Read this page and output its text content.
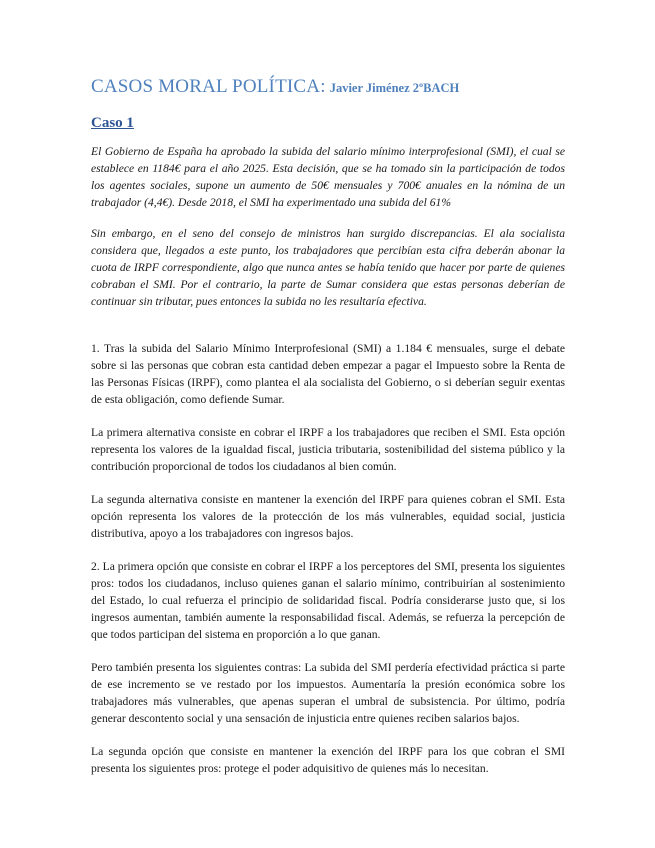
CASOS MORAL POLÍTICA: Javier Jiménez 2ºBACH
Caso 1

El Gobierno de España ha aprobado la subida del salario mínimo interprofesional (SMI), el cual se establece en 1184€ para el año 2025. Esta decisión, que se ha tomado sin la participación de todos los agentes sociales, supone un aumento de 50€ mensuales y 700€ anuales en la nómina de un trabajador (4,4€). Desde 2018, el SMI ha experimentado una subida del 61%

Sin embargo, en el seno del consejo de ministros han surgido discrepancias. El ala socialista considera que, llegados a este punto, los trabajadores que percibían esta cifra deberán abonar la cuota de IRPF correspondiente, algo que nunca antes se había tenido que hacer por parte de quienes cobraban el SMI. Por el contrario, la parte de Sumar considera que estas personas deberían de continuar sin tributar, pues entonces la subida no les resultaría efectiva.

1. Tras la subida del Salario Mínimo Interprofesional (SMI) a 1.184 € mensuales, surge el debate sobre si las personas que cobran esta cantidad deben empezar a pagar el Impuesto sobre la Renta de las Personas Físicas (IRPF), como plantea el ala socialista del Gobierno, o si deberían seguir exentas de esta obligación, como defiende Sumar.

La primera alternativa consiste en cobrar el IRPF a los trabajadores que reciben el SMI. Esta opción representa los valores de la igualdad fiscal, justicia tributaria, sostenibilidad del sistema público y la contribución proporcional de todos los ciudadanos al bien común.

La segunda alternativa consiste en mantener la exención del IRPF para quienes cobran el SMI. Esta opción representa los valores de la protección de los más vulnerables, equidad social, justicia distributiva, apoyo a los trabajadores con ingresos bajos.

2. La primera opción que consiste en cobrar el IRPF a los perceptores del SMI, presenta los siguientes pros: todos los ciudadanos, incluso quienes ganan el salario mínimo, contribuirían al sostenimiento del Estado, lo cual refuerza el principio de solidaridad fiscal. Podría considerarse justo que, si los ingresos aumentan, también aumente la responsabilidad fiscal. Además, se refuerza la percepción de que todos participan del sistema en proporción a lo que ganan.

Pero también presenta los siguientes contras: La subida del SMI perdería efectividad práctica si parte de ese incremento se ve restado por los impuestos. Aumentaría la presión económica sobre los trabajadores más vulnerables, que apenas superan el umbral de subsistencia. Por último, podría generar descontento social y una sensación de injusticia entre quienes reciben salarios bajos.

La segunda opción que consiste en mantener la exención del IRPF para los que cobran el SMI presenta los siguientes pros: protege el poder adquisitivo de quienes más lo necesitan.
